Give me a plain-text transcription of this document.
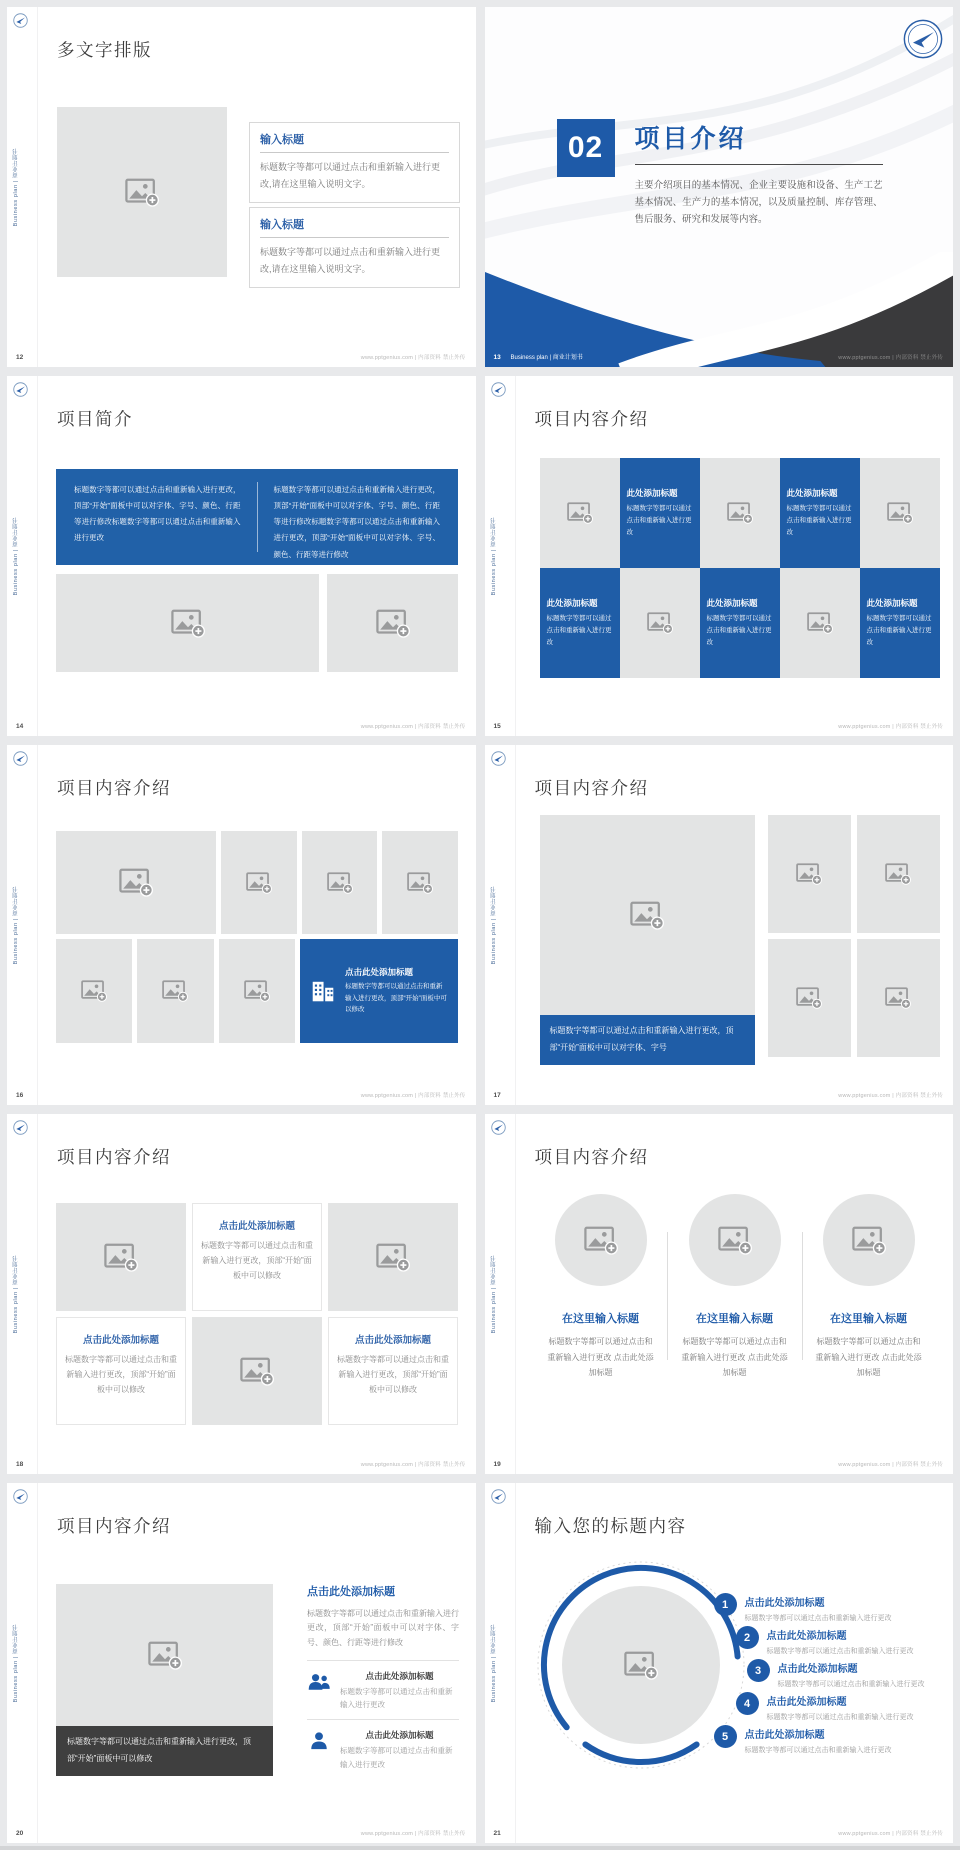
Business plan | 商业计划书
多文字排版
输入标题
标题数字等都可以通过点击和重新输入进行更改,请在这里输入说明文字。
输入标题
标题数字等都可以通过点击和重新输入进行更改,请在这里输入说明文字。
12	www.pptgenius.com | 内部资料 禁止外传
02	项目介绍
主要介绍项目的基本情况、企业主要设施和设备、生产工艺基本情况、生产力的基本情况，以及质量控制、库存管理、售后服务、研究和发展等内容。
13 Business plan | 商业计划书	www.pptgenius.com | 内部资料 禁止外传
Business plan | 商业计划书
项目简介
标题数字等都可以通过点击和重新输入进行更改，顶部“开始”面板中可以对字体、字号、颜色、行距等进行修改标题数字等都可以通过点击和重新输入进行更改
标题数字等都可以通过点击和重新输入进行更改，顶部“开始”面板中可以对字体、字号、颜色、行距等进行修改标题数字等都可以通过点击和重新输入进行更改，顶部“开始”面板中可以对字体、字号、颜色、行距等进行修改
14	www.pptgenius.com | 内部资料 禁止外传
Business plan | 商业计划书
项目内容介绍
此处添加标题
标题数字等都可以通过点击和重新输入进行更改
此处添加标题
标题数字等都可以通过点击和重新输入进行更改
此处添加标题
标题数字等都可以通过点击和重新输入进行更改
此处添加标题
标题数字等都可以通过点击和重新输入进行更改
此处添加标题
标题数字等都可以通过点击和重新输入进行更改
15	www.pptgenius.com | 内部资料 禁止外传
Business plan | 商业计划书
项目内容介绍
点击此处添加标题
标题数字等都可以通过点击和重新输入进行更改，顶部“开始”面板中可以修改
16	www.pptgenius.com | 内部资料 禁止外传
Business plan | 商业计划书
项目内容介绍
标题数字等都可以通过点击和重新输入进行更改，顶部“开始”面板中可以对字体、字号
17	www.pptgenius.com | 内部资料 禁止外传
Business plan | 商业计划书
项目内容介绍
点击此处添加标题
标题数字等都可以通过点击和重新输入进行更改，顶部“开始”面板中可以修改
点击此处添加标题
标题数字等都可以通过点击和重新输入进行更改，顶部“开始”面板中可以修改
点击此处添加标题
标题数字等都可以通过点击和重新输入进行更改，顶部“开始”面板中可以修改
18	www.pptgenius.com | 内部资料 禁止外传
Business plan | 商业计划书
项目内容介绍
在这里输入标题
标题数字等都可以通过点击和重新输入进行更改 点击此处添加标题
在这里输入标题
标题数字等都可以通过点击和重新输入进行更改 点击此处添加标题
在这里输入标题
标题数字等都可以通过点击和重新输入进行更改 点击此处添加标题
19	www.pptgenius.com | 内部资料 禁止外传
Business plan | 商业计划书
项目内容介绍
标题数字等都可以通过点击和重新输入进行更改，顶部“开始”面板中可以修改
点击此处添加标题
标题数字等都可以通过点击和重新输入进行更改，顶部“开始”面板中可以对字体、字号、颜色、行距等进行修改
点击此处添加标题
标题数字等都可以通过点击和重新输入进行更改
点击此处添加标题
标题数字等都可以通过点击和重新输入进行更改
20	www.pptgenius.com | 内部资料 禁止外传
Business plan | 商业计划书
输入您的标题内容
1	点击此处添加标题
标题数字等都可以通过点击和重新输入进行更改
2	点击此处添加标题
标题数字等都可以通过点击和重新输入进行更改
3	点击此处添加标题
标题数字等都可以通过点击和重新输入进行更改
4	点击此处添加标题
标题数字等都可以通过点击和重新输入进行更改
5	点击此处添加标题
标题数字等都可以通过点击和重新输入进行更改
21	www.pptgenius.com | 内部资料 禁止外传
